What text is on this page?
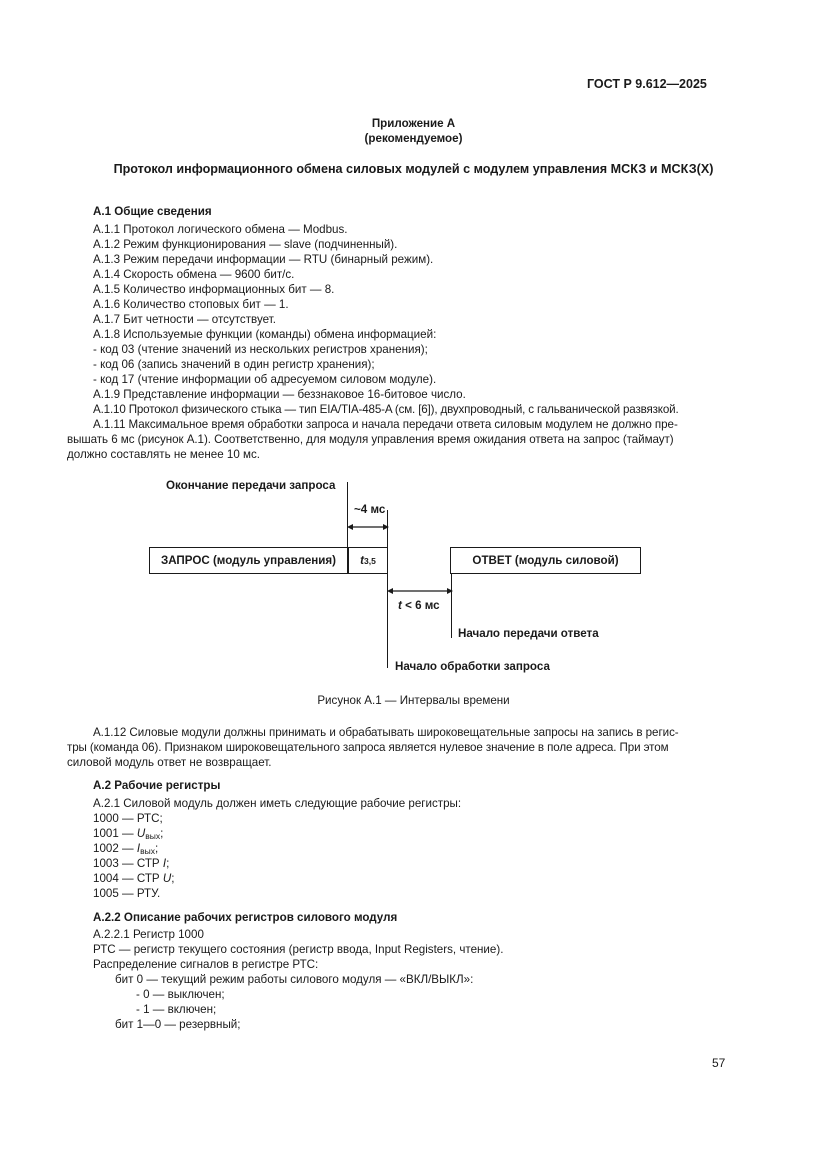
ГОСТ Р 9.612—2025
Приложение А
(рекомендуемое)
Протокол информационного обмена силовых модулей с модулем управления МСКЗ и МСКЗ(Х)
А.1 Общие сведения
А.1.1 Протокол логического обмена — Modbus.
А.1.2 Режим функционирования — slave (подчиненный).
А.1.3 Режим передачи информации — RTU (бинарный режим).
А.1.4 Скорость обмена — 9600 бит/с.
А.1.5 Количество информационных бит — 8.
А.1.6 Количество стоповых бит — 1.
А.1.7 Бит четности — отсутствует.
А.1.8 Используемые функции (команды) обмена информацией:
- код 03 (чтение значений из нескольких регистров хранения);
- код 06 (запись значений в один регистр хранения);
- код 17 (чтение информации об адресуемом силовом модуле).
А.1.9 Представление информации — беззнаковое 16-битовое число.
А.1.10 Протокол физического стыка — тип EIA/TIA-485-A (см. [6]), двухпроводный, с гальванической развязкой.
А.1.11 Максимальное время обработки запроса и начала передачи ответа силовым модулем не должно пре-
вышать 6 мс (рисунок А.1). Соответственно, для модуля управления время ожидания ответа на запрос (таймаут)
должно составлять не менее 10 мс.
Окончание передачи запроса
~4 мс
ЗАПРОС (модуль управления)	t 3,5	ОТВЕТ (модуль силовой)
t < 6 мс
Начало передачи ответа
Начало обработки запроса
Рисунок А.1 — Интервалы времени
А.1.12 Силовые модули должны принимать и обрабатывать широковещательные запросы на запись в регис-
тры (команда 06). Признаком широковещательного запроса является нулевое значение в поле адреса. При этом
силовой модуль ответ не возвращает.
А.2 Рабочие регистры
А.2.1 Силовой модуль должен иметь следующие рабочие регистры:
1000 — РТС;
1001 — $U_{вых}$;
1002 — $I_{вых}$;
1003 — СТР I;
1004 — СТР U;
1005 — РТУ.
А.2.2 Описание рабочих регистров силового модуля
А.2.2.1 Регистр 1000
РТС — регистр текущего состояния (регистр ввода, Input Registers, чтение).
Распределение сигналов в регистре РТС:
бит 0 — текущий режим работы силового модуля — «ВКЛ/ВЫКЛ»:
- 0 — выключен;
- 1 — включен;
бит 1—0 — резервный;
57
